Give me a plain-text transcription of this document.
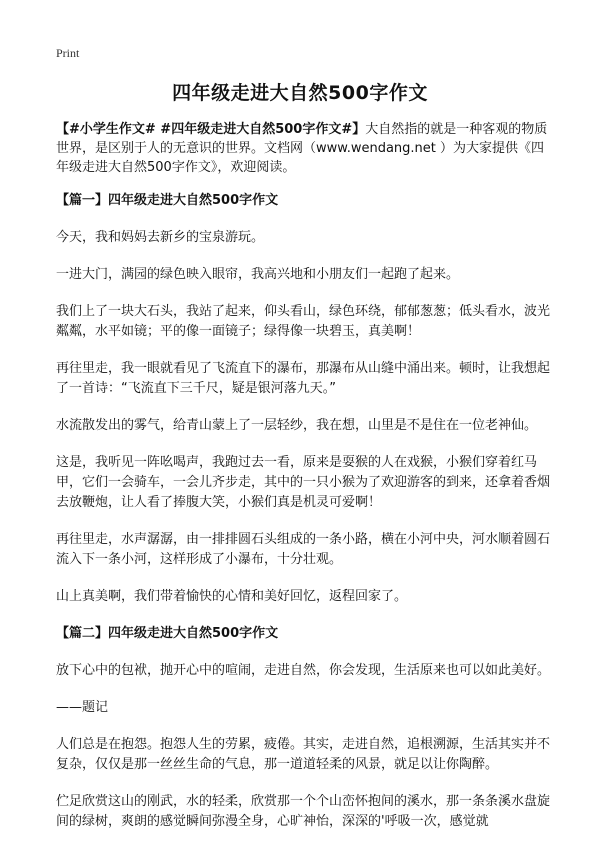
Print
四年级走进大自然500字作文

【#小学生作文# #四年级走进大自然500字作文#】大自然指的就是一种客观的物质世界，是区别于人的无意识的世界。文档网（www.wendang.net ）为大家提供《四年级走进大自然500字作文》，欢迎阅读。

【篇一】四年级走进大自然500字作文

今天，我和妈妈去新乡的宝泉游玩。

一进大门，满园的绿色映入眼帘，我高兴地和小朋友们一起跑了起来。

我们上了一块大石头，我站了起来，仰头看山，绿色环绕，郁郁葱葱；低头看水，波光粼粼，水平如镜；平的像一面镜子；绿得像一块碧玉，真美啊！

再往里走，我一眼就看见了飞流直下的瀑布，那瀑布从山缝中涌出来。顿时，让我想起了一首诗：“飞流直下三千尺，疑是银河落九天。”

水流散发出的雾气，给青山蒙上了一层轻纱，我在想，山里是不是住在一位老神仙。

这是，我听见一阵吆喝声，我跑过去一看，原来是耍猴的人在戏猴，小猴们穿着红马甲，它们一会骑车，一会儿齐步走，其中的一只小猴为了欢迎游客的到来，还拿着香烟去放鞭炮，让人看了捧腹大笑，小猴们真是机灵可爱啊！

再往里走，水声潺潺，由一排排圆石头组成的一条小路，横在小河中央，河水顺着圆石流入下一条小河，这样形成了小瀑布，十分壮观。

山上真美啊，我们带着愉快的心情和美好回忆，返程回家了。

【篇二】四年级走进大自然500字作文

放下心中的包袱，抛开心中的喧闹，走进自然，你会发现，生活原来也可以如此美好。

——题记

人们总是在抱怨。抱怨人生的劳累，疲倦。其实，走进自然，追根溯源，生活其实并不复杂，仅仅是那一丝丝生命的气息，那一道道轻柔的风景，就足以让你陶醉。

伫足欣赏这山的刚武，水的轻柔，欣赏那一个个山峦怀抱间的溪水，那一条条溪水盘旋间的绿树，爽朗的感觉瞬间弥漫全身，心旷神怡，深深的'呼吸一次，感觉就
